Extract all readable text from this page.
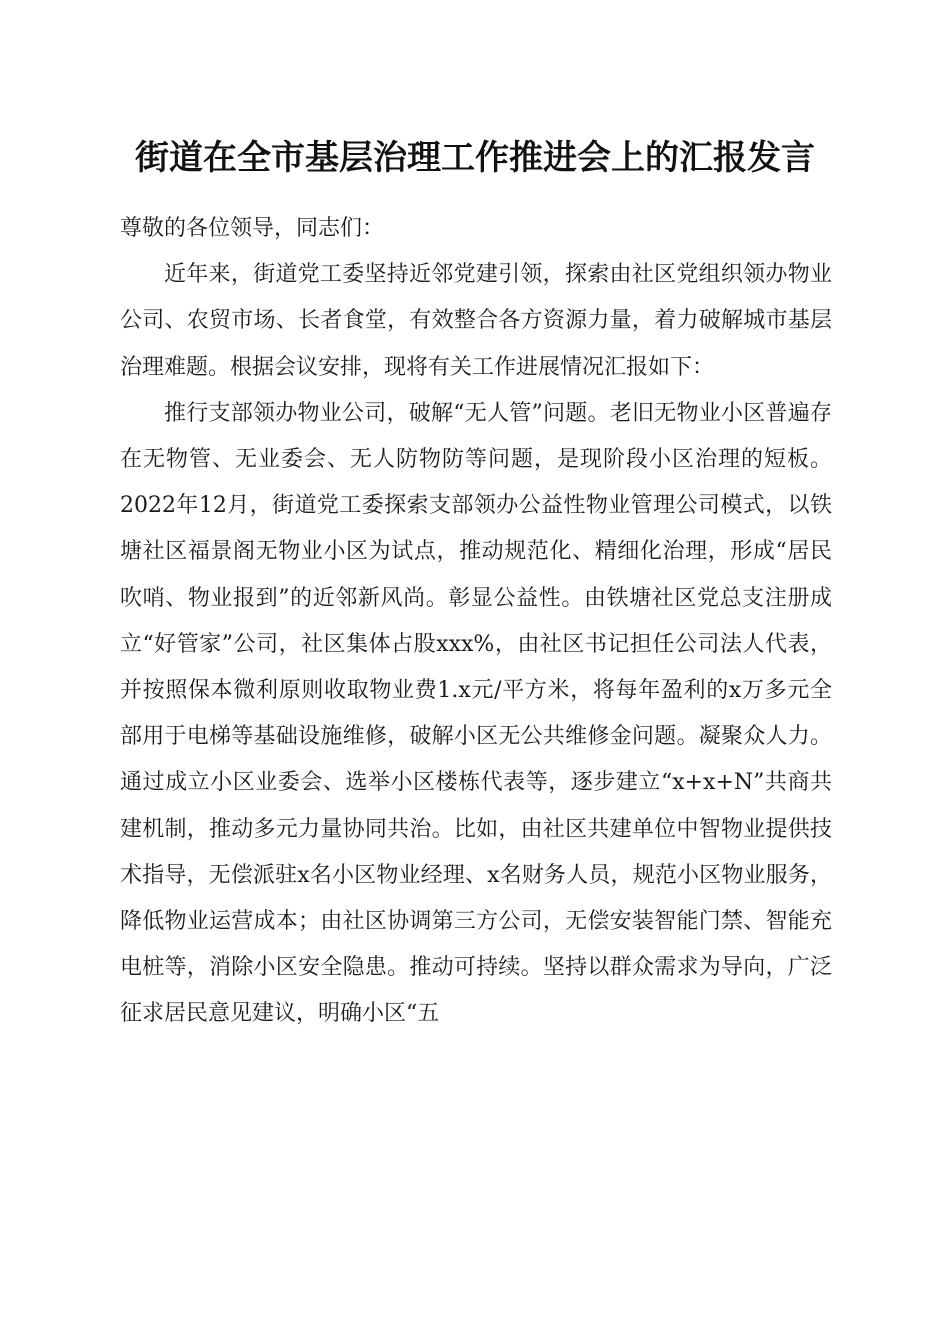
街道在全市基层治理工作推进会上的汇报发言

尊敬的各位领导，同志们：

近年来，街道党工委坚持近邻党建引领，探索由社区党组织领办物业公司、农贸市场、长者食堂，有效整合各方资源力量，着力破解城市基层治理难题。根据会议安排，现将有关工作进展情况汇报如下：

推行支部领办物业公司，破解“无人管”问题。老旧无物业小区普遍存在无物管、无业委会、无人防物防等问题，是现阶段小区治理的短板。2022年12月，街道党工委探索支部领办公益性物业管理公司模式，以铁塘社区福景阁无物业小区为试点，推动规范化、精细化治理，形成“居民吹哨、物业报到”的近邻新风尚。彰显公益性。由铁塘社区党总支注册成立“好管家”公司，社区集体占股xxx%，由社区书记担任公司法人代表，并按照保本微利原则收取物业费1.x元/平方米，将每年盈利的x万多元全部用于电梯等基础设施维修，破解小区无公共维修金问题。凝聚众人力。通过成立小区业委会、选举小区楼栋代表等，逐步建立“x+x+N”共商共建机制，推动多元力量协同共治。比如，由社区共建单位中智物业提供技术指导，无偿派驻x名小区物业经理、x名财务人员，规范小区物业服务，降低物业运营成本；由社区协调第三方公司，无偿安装智能门禁、智能充电桩等，消除小区安全隐患。推动可持续。坚持以群众需求为导向，广泛征求居民意见建议，明确小区“五
